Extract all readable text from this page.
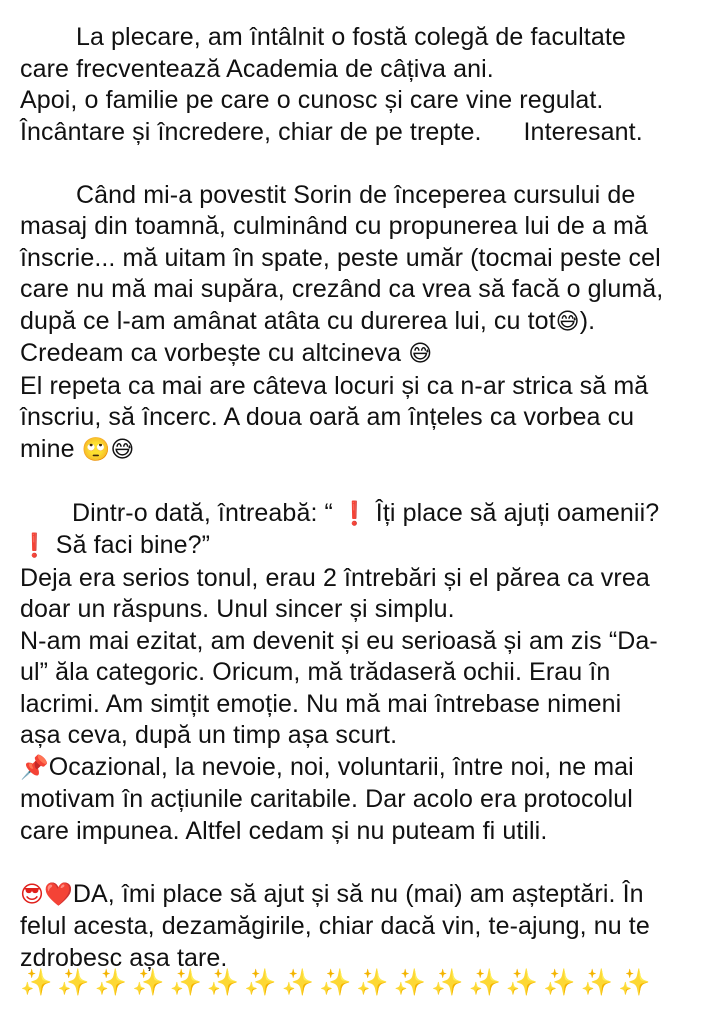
La plecare, am întâlnit o fostă colegă de facultate
care frecventează Academia de câțiva ani.
Apoi, o familie pe care o cunosc și care vine regulat.
Încântare și încredere, chiar de pe trepte. Interesant.
Când mi-a povestit Sorin de începerea cursului de
masaj din toamnă, culminând cu propunerea lui de a mă
înscrie... mă uitam în spate, peste umăr (tocmai peste cel
care nu mă mai supăra, crezând ca vrea să facă o glumă,
după ce l-am amânat atâta cu durerea lui, cu tot😅).
Credeam ca vorbește cu altcineva 😅
El repeta ca mai are câteva locuri și ca n-ar strica să mă
înscriu, să încerc. A doua oară am înțeles ca vorbea cu
mine 🙄😅
Dintr-o dată, întreabă: “ ❗ Îți place să ajuți oamenii?
❗ Să faci bine?”
Deja era serios tonul, erau 2 întrebări și el părea ca vrea
doar un răspuns. Unul sincer și simplu.
N-am mai ezitat, am devenit și eu serioasă și am zis “Da-
ul” ăla categoric. Oricum, mă trădaseră ochii. Erau în
lacrimi. Am simțit emoție. Nu mă mai întrebase nimeni
așa ceva, după un timp așa scurt.
📌Ocazional, la nevoie, noi, voluntarii, între noi, ne mai
motivam în acțiunile caritabile. Dar acolo era protocolul
care impunea. Altfel cedam și nu puteam fi utili.
😎❤️DA, îmi place să ajut și să nu (mai) am așteptări. În
felul acesta, dezamăgirile, chiar dacă vin, te-ajung, nu te
zdrobesc așa tare.
✨✨✨✨✨✨✨✨✨✨✨✨✨✨✨✨✨
